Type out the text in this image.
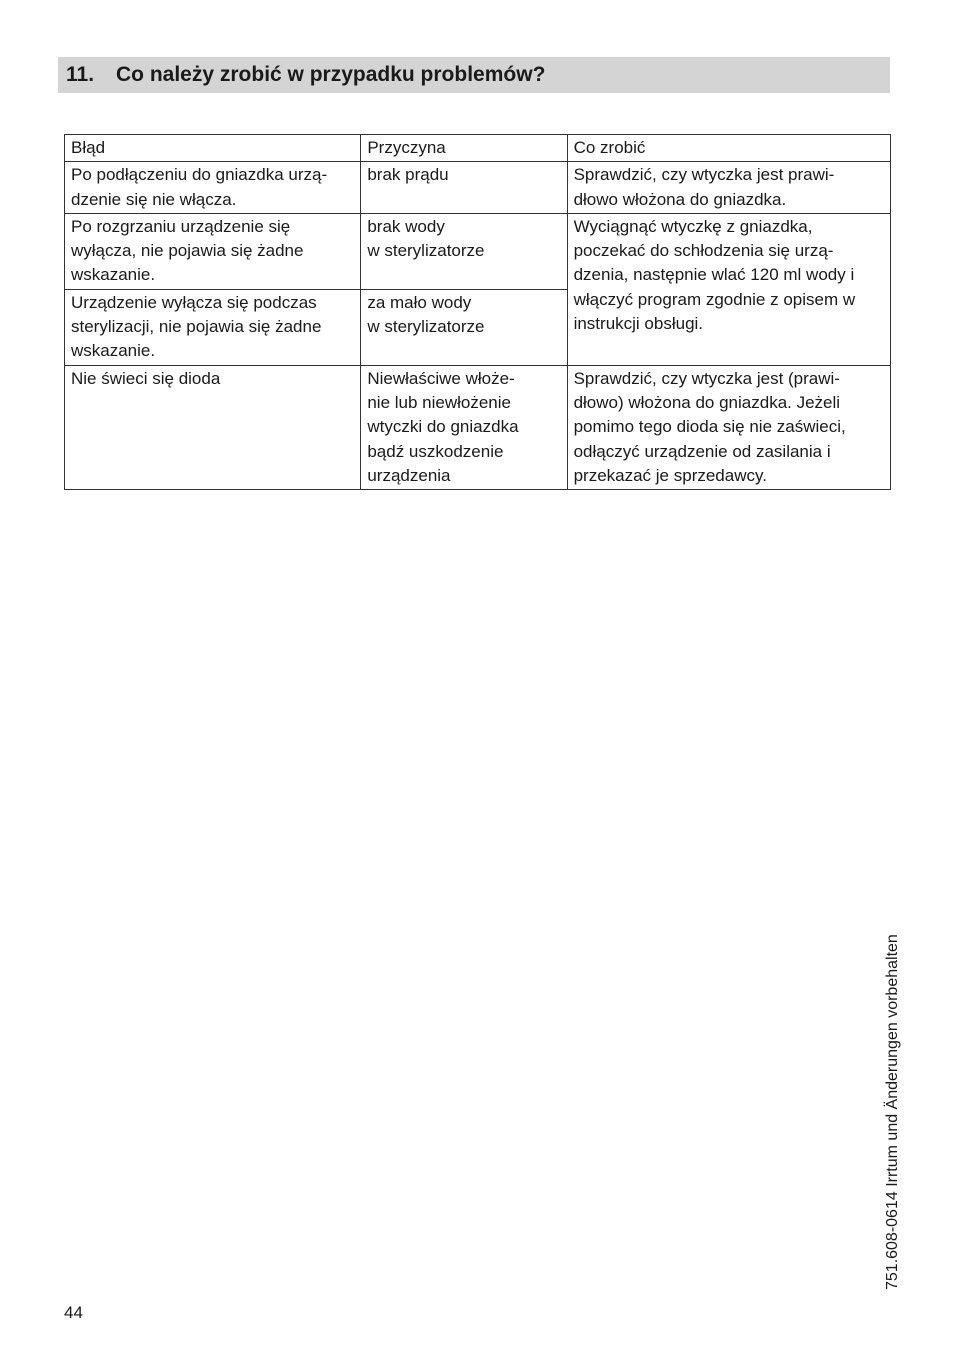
11.	Co należy zrobić w przypadku problemów?
Błąd	Przyczyna	Co zrobić

Po podłączeniu do gniazdka urzą-
dzenie się nie włącza.	brak prądu	Sprawdzić, czy wtyczka jest prawi-
dłowo włożona do gniazdka.

Po rozgrzaniu urządzenie się
wyłącza, nie pojawia się żadne
wskazanie.	brak wody
w sterylizatorze	Wyciągnąć wtyczkę z gniazdka,
poczekać do schłodzenia się urzą-
dzenia, następnie wlać 120 ml wody i
włączyć program zgodnie z opisem w
instrukcji obsługi.

Urządzenie wyłącza się podczas
sterylizacji, nie pojawia się żadne
wskazanie.	za mało wody
w sterylizatorze	

Nie świeci się dioda	Niewłaściwe włoże-
nie lub niewłożenie
wtyczki do gniazdka
bądź uszkodzenie
urządzenia	Sprawdzić, czy wtyczka jest (prawi-
dłowo) włożona do gniazdka. Jeżeli
pomimo tego dioda się nie zaświeci,
odłączyć urządzenie od zasilania i
przekazać je sprzedawcy.
44
751.608-0614 Irrtum und Änderungen vorbehalten
